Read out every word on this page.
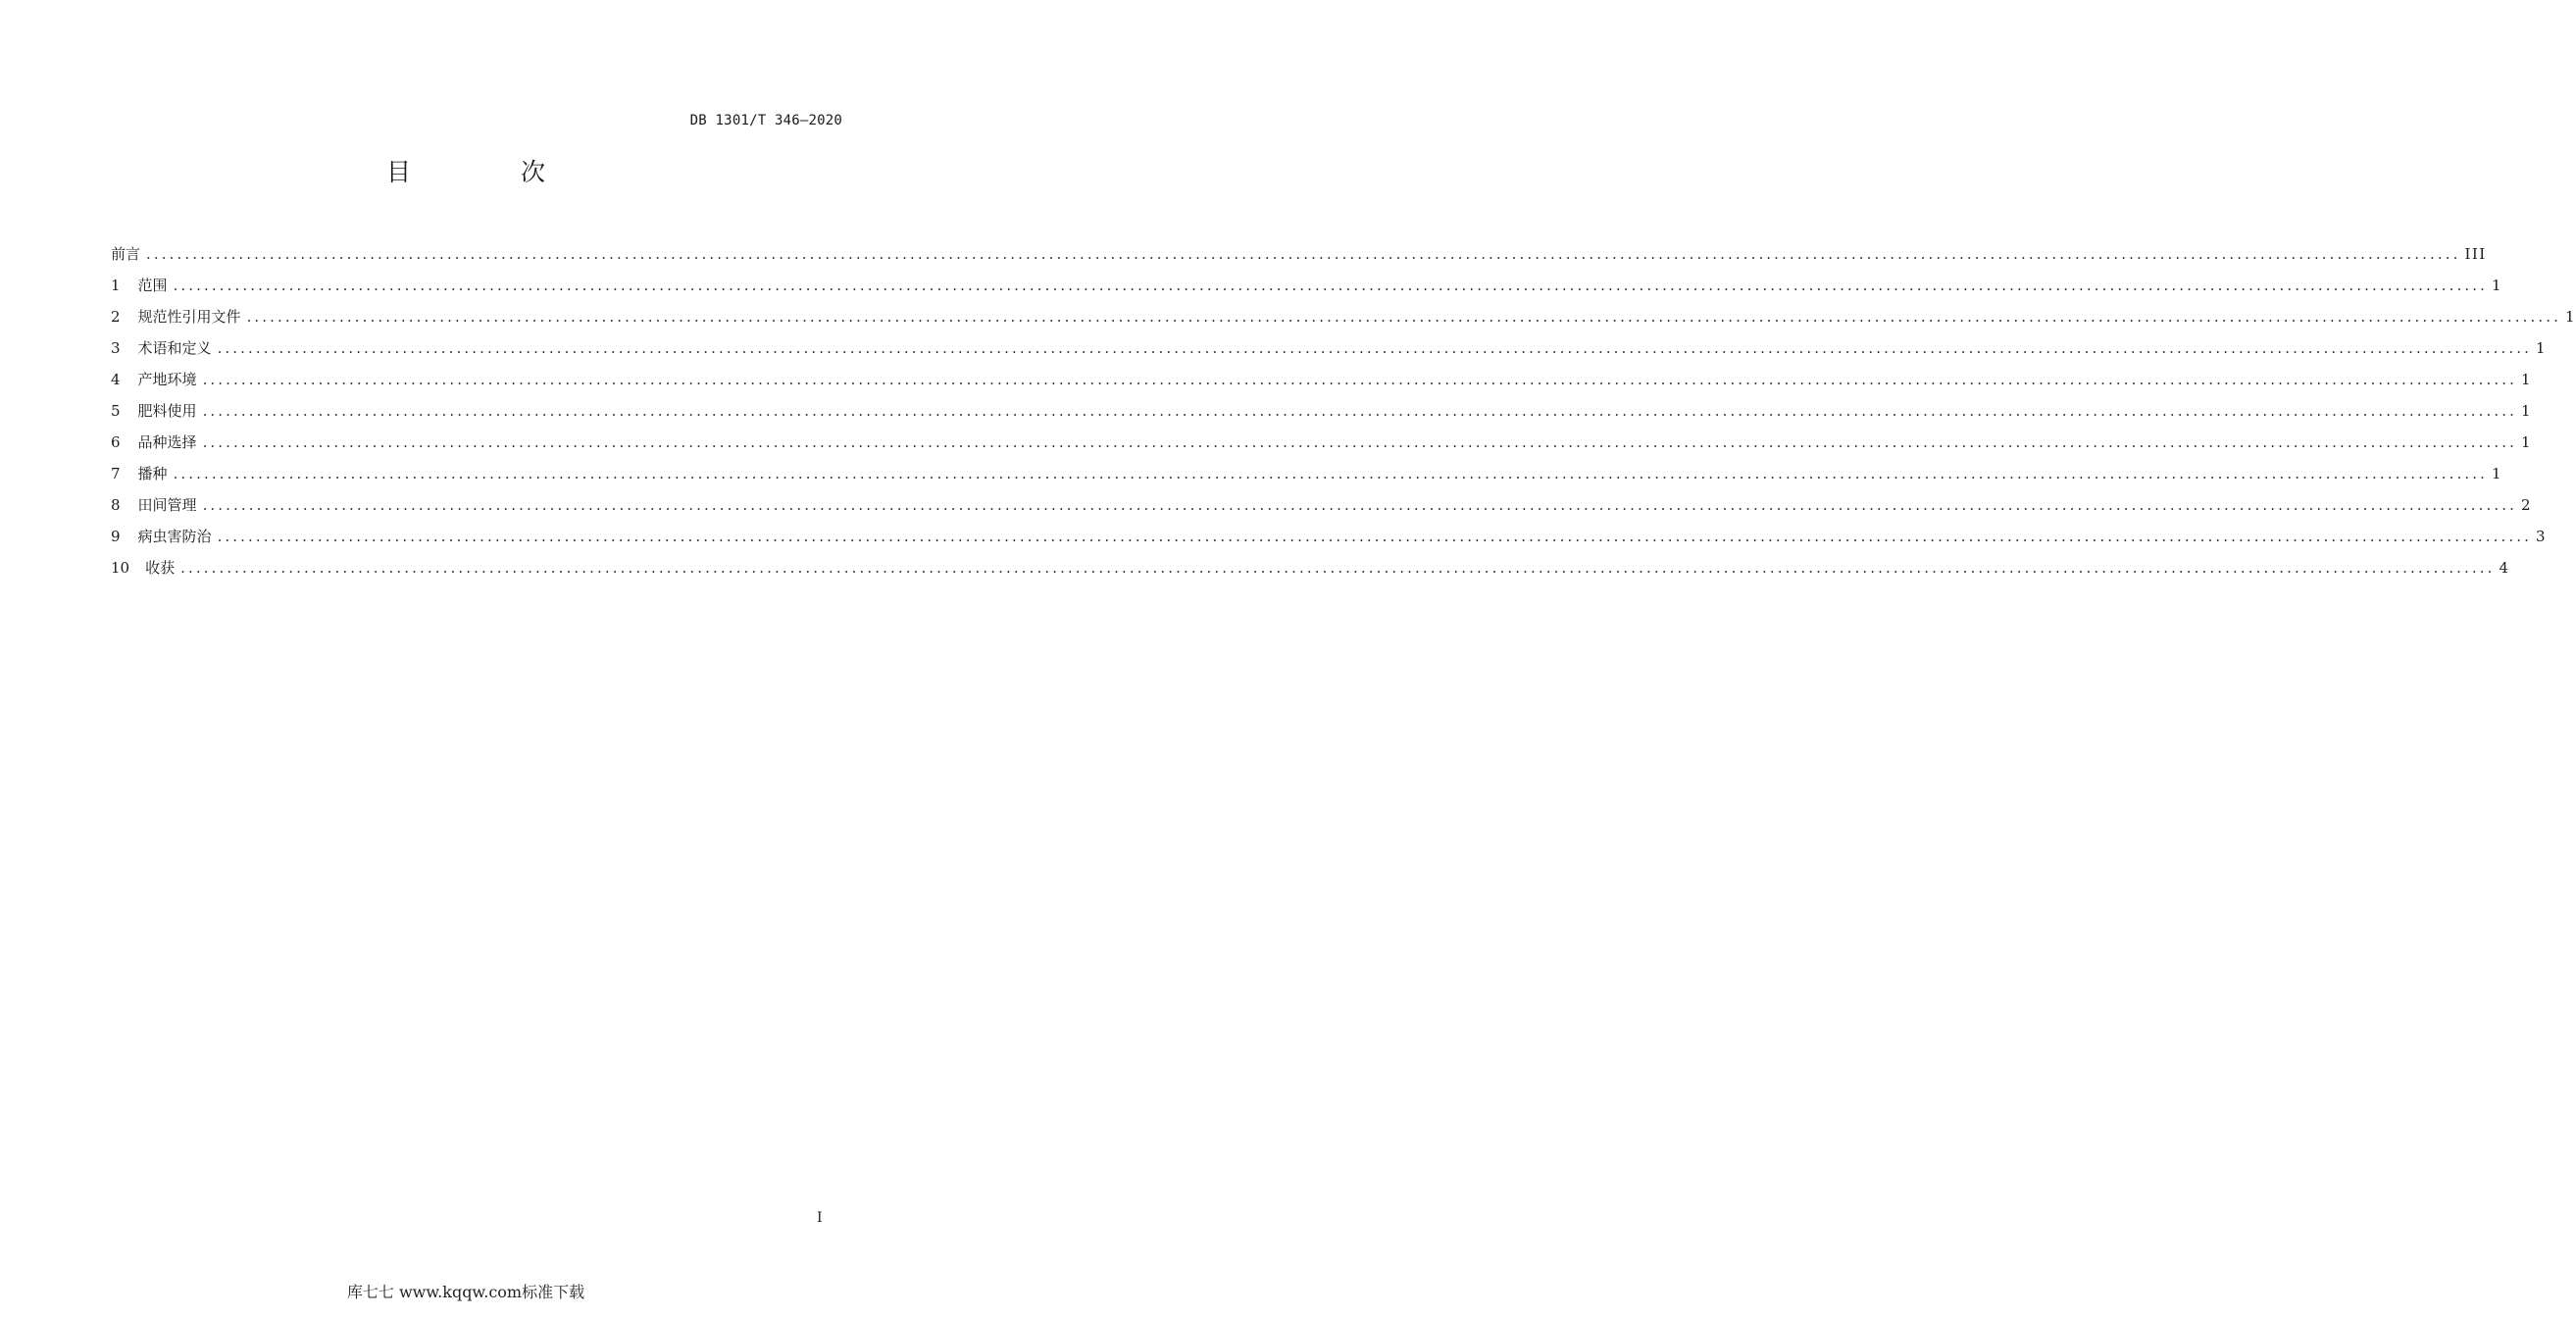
DB 1301/T 346—2020
目 次
前言 ............................................................................................................................................................................................................................................................................................................ III
1 范围 ............................................................................................................................................................................................................................................................................................................ 1
2 规范性引用文件 ............................................................................................................................................................................................................................................................................................................ 1
3 术语和定义 ............................................................................................................................................................................................................................................................................................................ 1
4 产地环境 ............................................................................................................................................................................................................................................................................................................ 1
5 肥料使用 ............................................................................................................................................................................................................................................................................................................ 1
6 品种选择 ............................................................................................................................................................................................................................................................................................................ 1
7 播种 ............................................................................................................................................................................................................................................................................................................ 1
8 田间管理 ............................................................................................................................................................................................................................................................................................................ 2
9 病虫害防治 ............................................................................................................................................................................................................................................................................................................ 3
10 收获 ............................................................................................................................................................................................................................................................................................................ 4
I
库七七 www.kqqw.com标准下载
